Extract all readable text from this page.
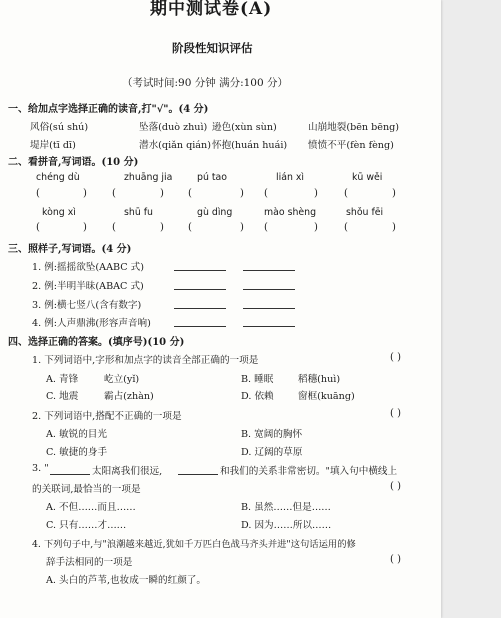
期中测试卷(A)
阶段性知识评估
（考试时间:90 分钟 满分:100 分）
一、给加点字选择正确的读音,打"√"。(4 分)
风俗(sú shú)	坠落(duò zhuì) 逊色(xùn sùn)	山崩地裂(bēn bēng)
堤岸(tī dī)	潜水(qiǎn qián) 怀抱(huán huái) 愤愤不平(fèn fèng)
二、看拼音,写词语。(10 分)
chéng dù	zhuāng jia	pú tao	lián xì	kū wěi
(	)	(	) (	) (	)	(	)
kòng xì	shū fu	gù dìng	mào shèng	shǒu fēi
(	)	(	) (	) (	)	(	)
三、照样子,写词语。(4 分)
1. 例:摇摇欲坠(AABC 式)
2. 例:半明半昧(ABAC 式)
3. 例:横七竖八(含有数字)
4. 例:人声鼎沸(形容声音响)
四、选择正确的答案。(填序号)(10 分)
1. 下列词语中,字形和加点字的读音全部正确的一项是	( )
A. 青锋	屹立(yǐ)	B. 睡眠	稻穗(huì)
C. 地震	霸占(zhàn)	D. 依赖	窗框(kuāng)
2. 下列词语中,搭配不正确的一项是	( )
A. 敏锐的目光	B. 宽阔的胸怀
C. 敏捷的身手	D. 辽阔的草原
3. "	太阳离我们很远,	和我们的关系非常密切。"填入句中横线上
的关联词,最恰当的一项是	( )
A. 不但……而且……	B. 虽然……但是……
C. 只有……才……	D. 因为……所以……
4. 下列句子中,与"浪潮越来越近,犹如千万匹白色战马齐头并进"这句话运用的修
辞手法相同的一项是	( )
A. 头白的芦苇,也妆成一瞬的红颜了。
